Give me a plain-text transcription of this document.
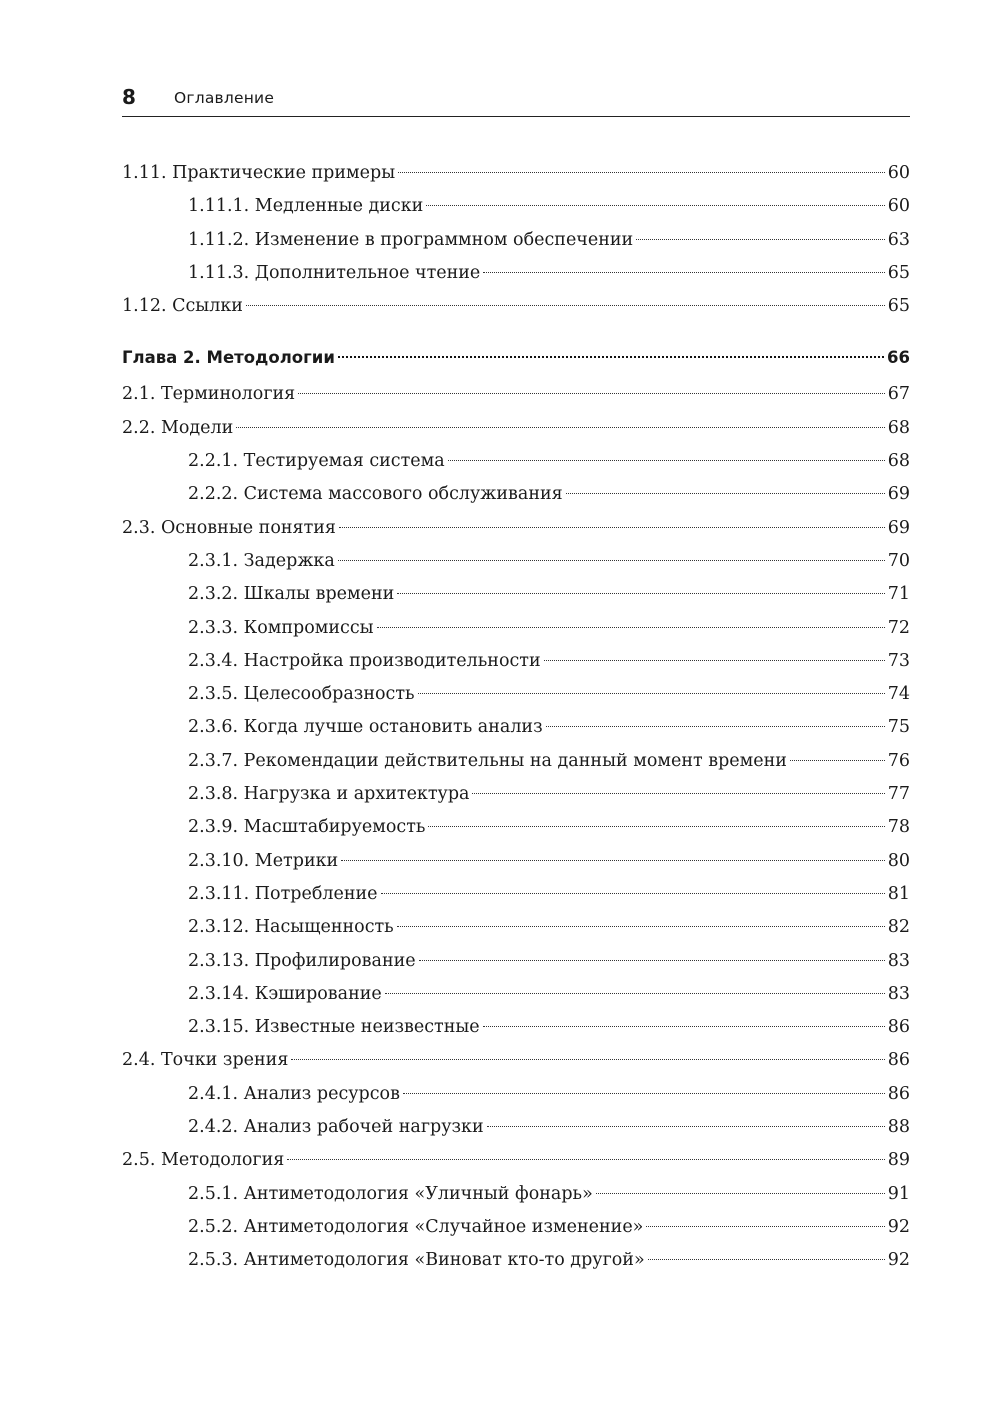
8 Оглавление
1.11. Практические примеры	60
1.11.1. Медленные диски	60
1.11.2. Изменение в программном обеспечении	63
1.11.3. Дополнительное чтение	65
1.12. Ссылки	65
Глава 2. Методологии	66
2.1. Терминология	67
2.2. Модели	68
2.2.1. Тестируемая система	68
2.2.2. Система массового обслуживания	69
2.3. Основные понятия	69
2.3.1. Задержка	70
2.3.2. Шкалы времени	71
2.3.3. Компромиссы	72
2.3.4. Настройка производительности	73
2.3.5. Целесообразность	74
2.3.6. Когда лучше остановить анализ	75
2.3.7. Рекомендации действительны на данный момент времени	76
2.3.8. Нагрузка и архитектура	77
2.3.9. Масштабируемость	78
2.3.10. Метрики	80
2.3.11. Потребление	81
2.3.12. Насыщенность	82
2.3.13. Профилирование	83
2.3.14. Кэширование	83
2.3.15. Известные неизвестные	86
2.4. Точки зрения	86
2.4.1. Анализ ресурсов	86
2.4.2. Анализ рабочей нагрузки	88
2.5. Методология	89
2.5.1. Антиметодология «Уличный фонарь»	91
2.5.2. Антиметодология «Случайное изменение»	92
2.5.3. Антиметодология «Виноват кто-то другой»	92
